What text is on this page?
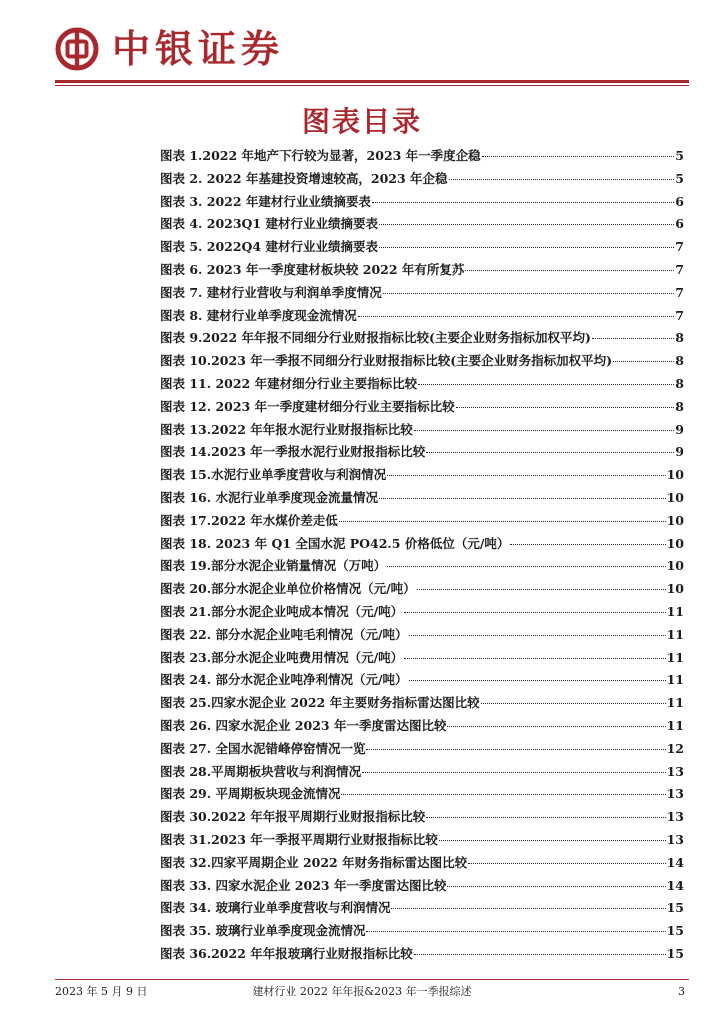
中银证券
图表目录
图表 1.2022 年地产下行较为显著，2023 年一季度企稳	5
图表 2. 2022 年基建投资增速较高，2023 年企稳	5
图表 3. 2022 年建材行业业绩摘要表	6
图表 4. 2023Q1 建材行业业绩摘要表	6
图表 5. 2022Q4 建材行业业绩摘要表	7
图表 6. 2023 年一季度建材板块较 2022 年有所复苏	7
图表 7. 建材行业营收与利润单季度情况	7
图表 8. 建材行业单季度现金流情况	7
图表 9.2022 年年报不同细分行业财报指标比较(主要企业财务指标加权平均)	8
图表 10.2023 年一季报不同细分行业财报指标比较(主要企业财务指标加权平均)	8
图表 11. 2022 年建材细分行业主要指标比较	8
图表 12. 2023 年一季度建材细分行业主要指标比较	8
图表 13.2022 年年报水泥行业财报指标比较	9
图表 14.2023 年一季报水泥行业财报指标比较	9
图表 15.水泥行业单季度营收与利润情况	10
图表 16. 水泥行业单季度现金流量情况	10
图表 17.2022 年水煤价差走低	10
图表 18. 2023 年 Q1 全国水泥 PO42.5 价格低位（元/吨）	10
图表 19.部分水泥企业销量情况（万吨）	10
图表 20.部分水泥企业单位价格情况（元/吨）	10
图表 21.部分水泥企业吨成本情况（元/吨）	11
图表 22. 部分水泥企业吨毛利情况（元/吨）	11
图表 23.部分水泥企业吨费用情况（元/吨）	11
图表 24. 部分水泥企业吨净利情况（元/吨）	11
图表 25.四家水泥企业 2022 年主要财务指标雷达图比较	11
图表 26. 四家水泥企业 2023 年一季度雷达图比较	11
图表 27. 全国水泥错峰停窑情况一览	12
图表 28.平周期板块营收与利润情况	13
图表 29. 平周期板块现金流情况	13
图表 30.2022 年年报平周期行业财报指标比较	13
图表 31.2023 年一季报平周期行业财报指标比较	13
图表 32.四家平周期企业 2022 年财务指标雷达图比较	14
图表 33. 四家水泥企业 2023 年一季度雷达图比较	14
图表 34. 玻璃行业单季度营收与利润情况	15
图表 35. 玻璃行业单季度现金流情况	15
图表 36.2022 年年报玻璃行业财报指标比较	15
2023 年 5 月 9 日	建材行业 2022 年年报&2023 年一季报综述	3
